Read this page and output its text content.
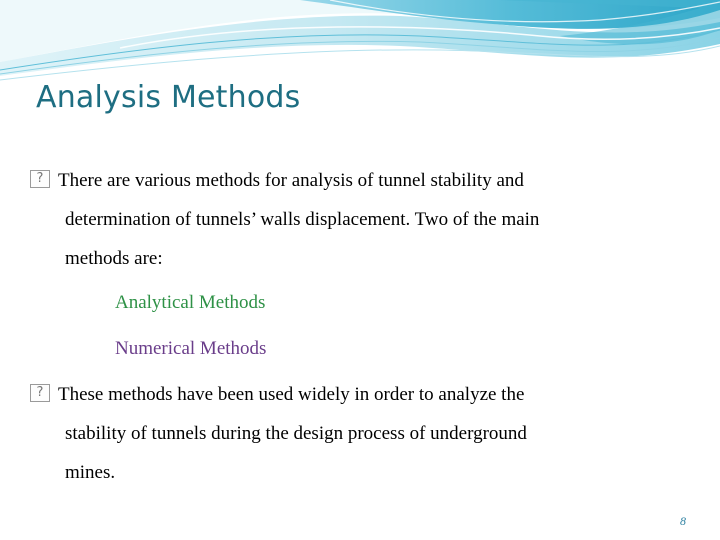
Analysis Methods

?There are various methods for analysis of tunnel stability and
determination of tunnels’ walls displacement. Two of the main
methods are:

Analytical Methods

Numerical Methods

?These methods have been used widely in order to analyze the
stability of tunnels during the design process of underground
mines.

8
